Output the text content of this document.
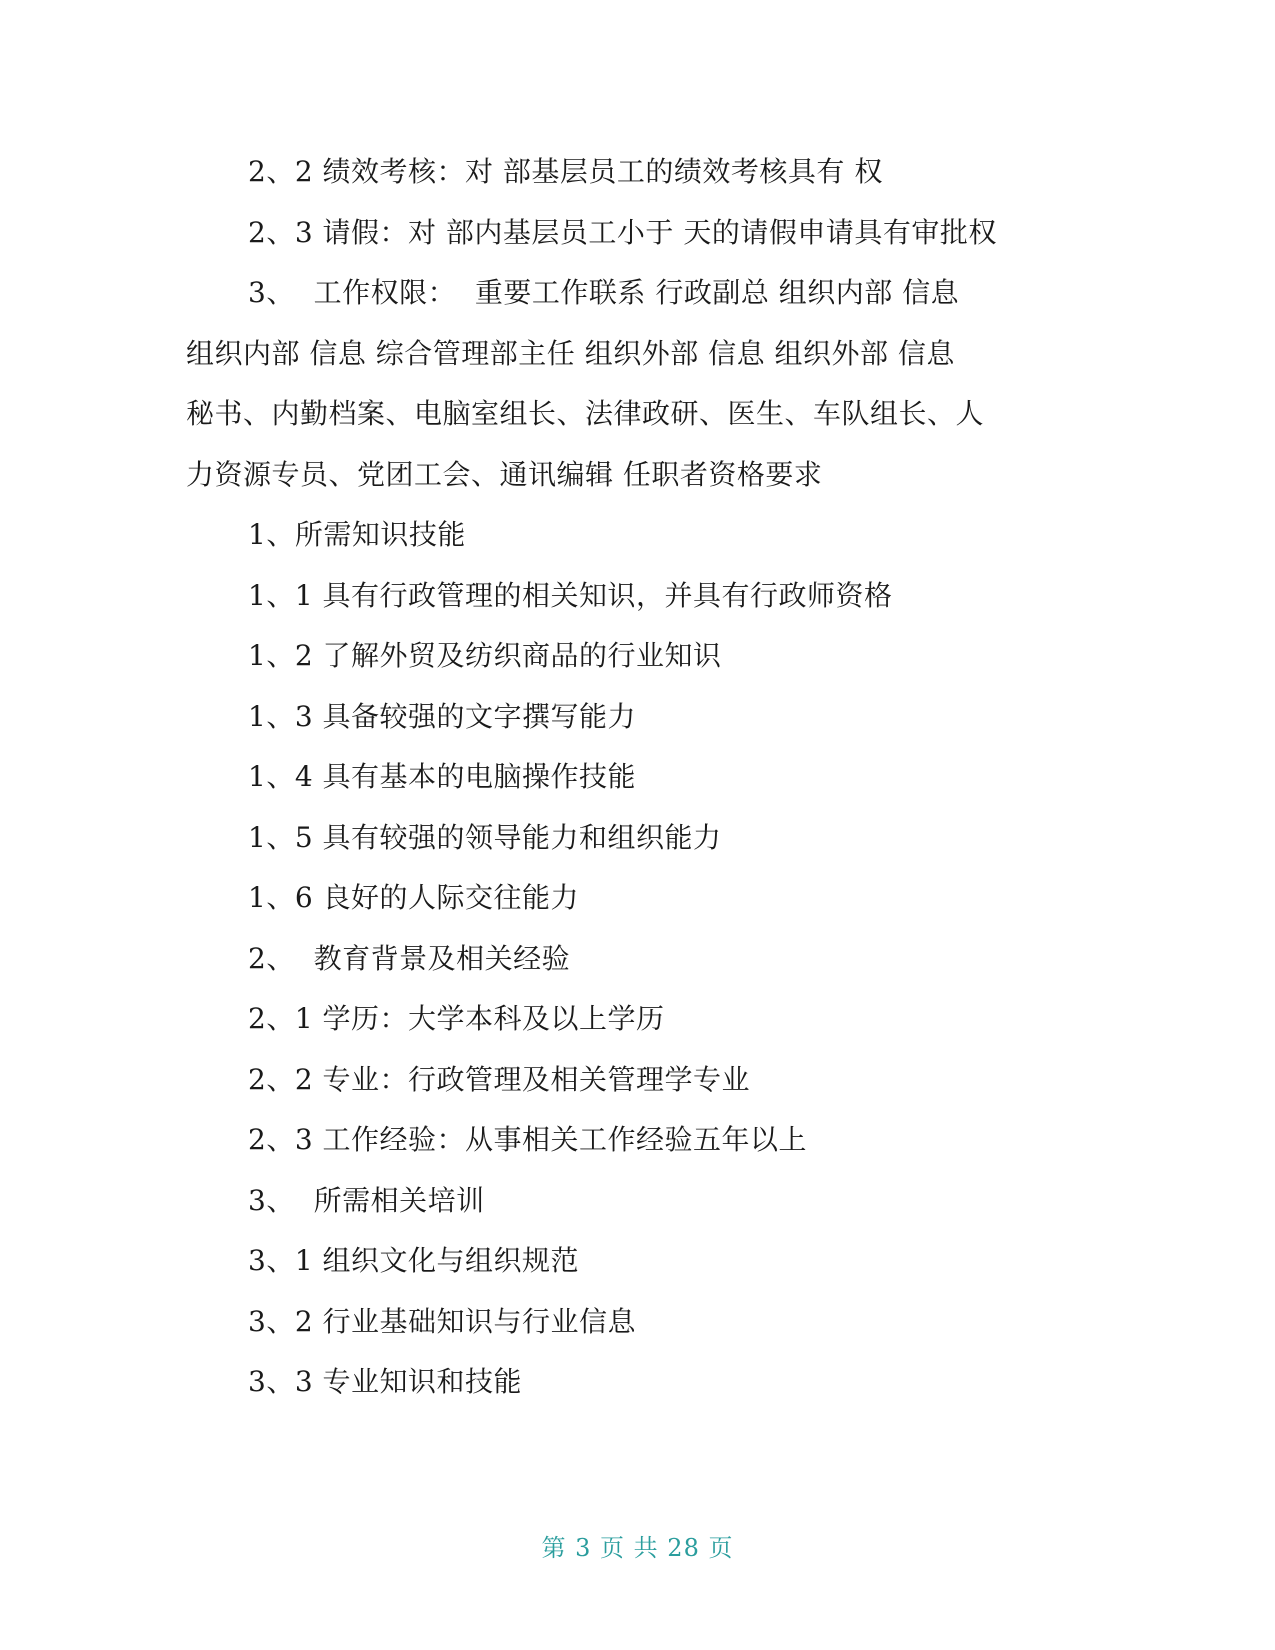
2、2 绩效考核：对 部基层员工的绩效考核具有 权
2、3 请假：对 部内基层员工小于 天的请假申请具有审批权
3、  工作权限：  重要工作联系 行政副总 组织内部 信息
组织内部 信息 综合管理部主任 组织外部 信息 组织外部 信息
秘书、内勤档案、电脑室组长、法律政研、医生、车队组长、人
力资源专员、党团工会、通讯编辑 任职者资格要求
1、所需知识技能
1、1 具有行政管理的相关知识，并具有行政师资格
1、2 了解外贸及纺织商品的行业知识
1、3 具备较强的文字撰写能力
1、4 具有基本的电脑操作技能
1、5 具有较强的领导能力和组织能力
1、6 良好的人际交往能力
2、  教育背景及相关经验
2、1 学历：大学本科及以上学历
2、2 专业：行政管理及相关管理学专业
2、3 工作经验：从事相关工作经验五年以上
3、  所需相关培训
3、1 组织文化与组织规范
3、2 行业基础知识与行业信息
3、3 专业知识和技能
第 3 页 共 28 页
